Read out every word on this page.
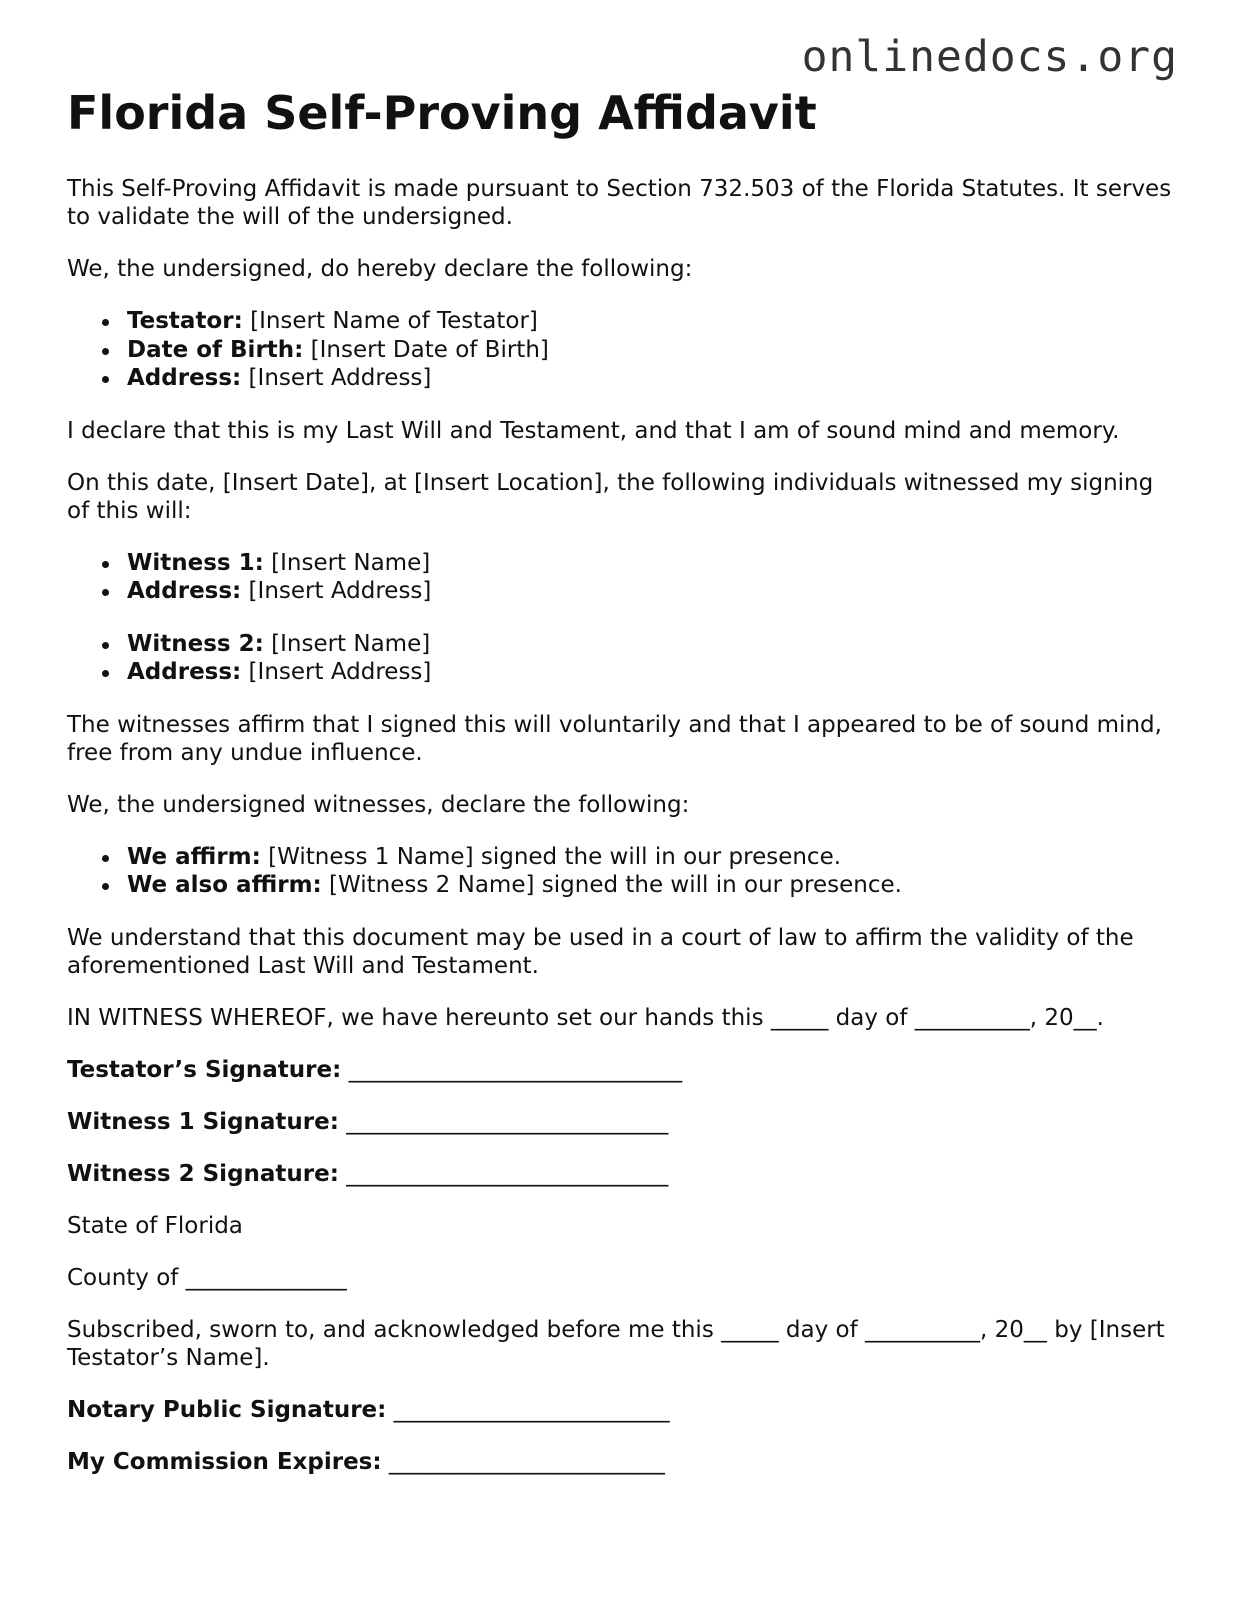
onlinedocs.org
Florida Self-Proving Affidavit

This Self-Proving Affidavit is made pursuant to Section 732.503 of the Florida Statutes. It serves to validate the will of the undersigned.

We, the undersigned, do hereby declare the following:

Testator: [Insert Name of Testator]
Date of Birth: [Insert Date of Birth]
Address: [Insert Address]

I declare that this is my Last Will and Testament, and that I am of sound mind and memory.

On this date, [Insert Date], at [Insert Location], the following individuals witnessed my signing of this will:

Witness 1: [Insert Name]
Address: [Insert Address]
Witness 2: [Insert Name]
Address: [Insert Address]

The witnesses affirm that I signed this will voluntarily and that I appeared to be of sound mind, free from any undue influence.

We, the undersigned witnesses, declare the following:

We affirm: [Witness 1 Name] signed the will in our presence.
We also affirm: [Witness 2 Name] signed the will in our presence.

We understand that this document may be used in a court of law to affirm the validity of the aforementioned Last Will and Testament.

IN WITNESS WHEREOF, we have hereunto set our hands this _____ day of __________, 20__.

Testator’s Signature: _____________________________

Witness 1 Signature: ____________________________

Witness 2 Signature: ____________________________

State of Florida

County of ______________

Subscribed, sworn to, and acknowledged before me this _____ day of __________, 20__ by [Insert Testator’s Name].

Notary Public Signature: ________________________

My Commission Expires: ________________________
